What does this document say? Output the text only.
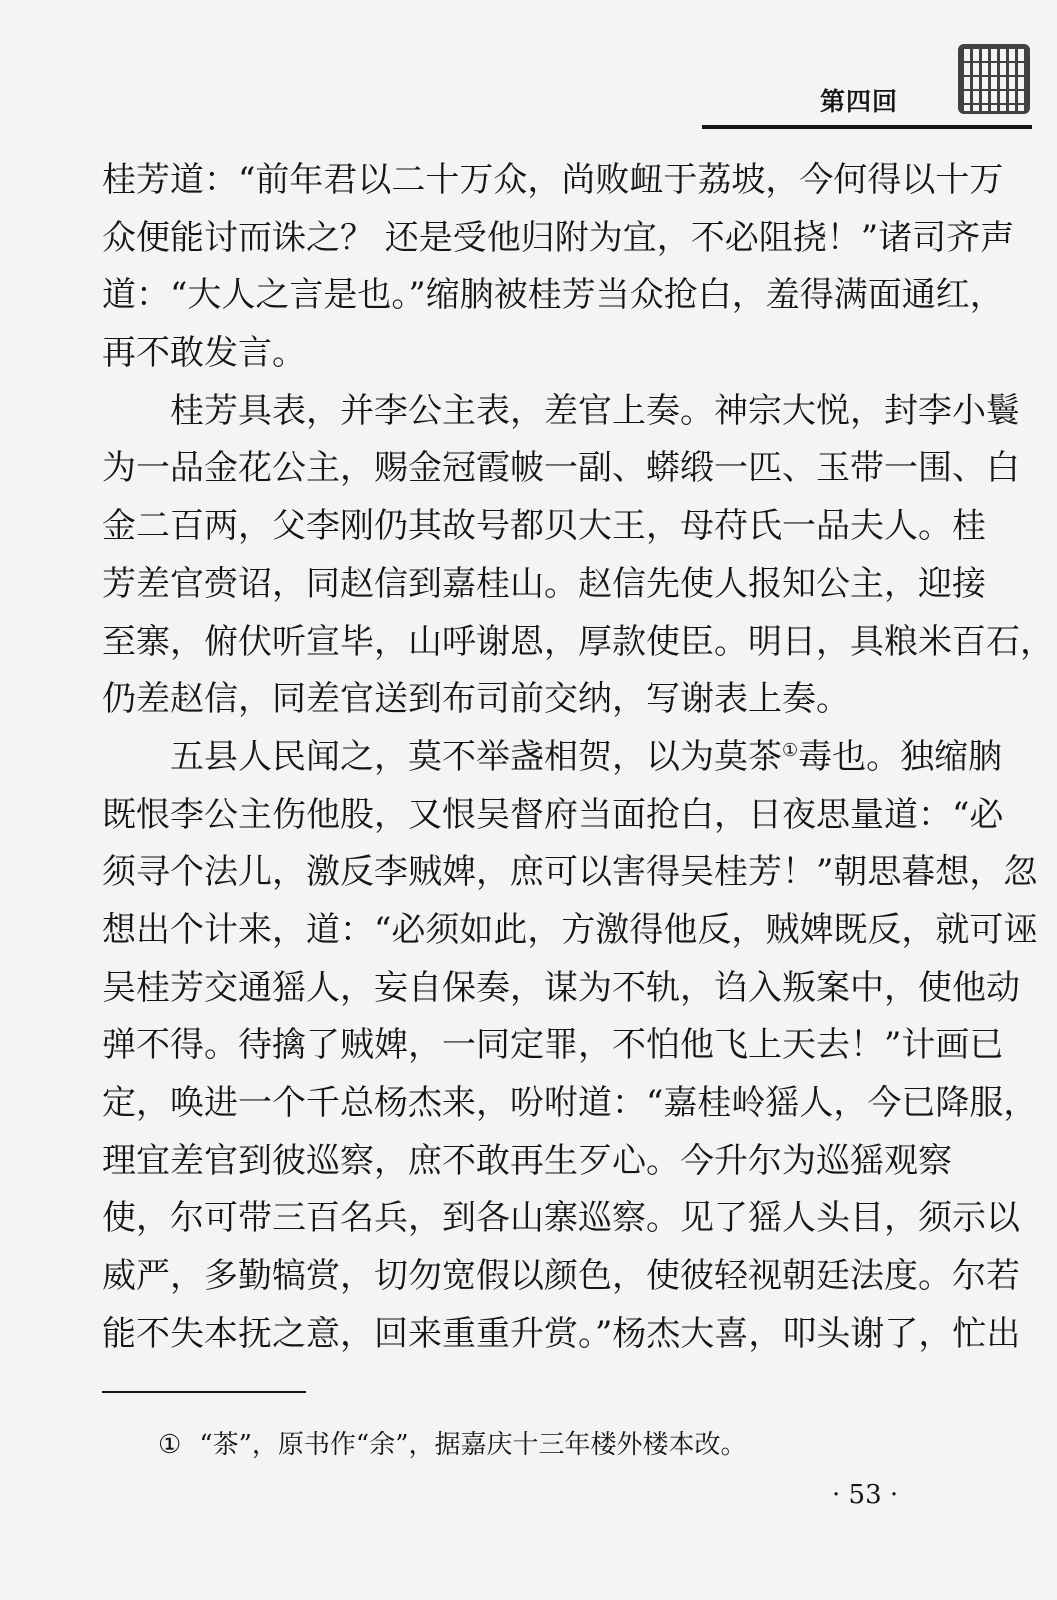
第四回
桂芳道：“前年君以二十万众，尚败衄于荔坡，今何得以十万
众便能讨而诛之？ 还是受他归附为宜，不必阻挠！”诸司齐声
道：“大人之言是也。”缩朒被桂芳当众抢白，羞得满面通红，
再不敢发言。
桂芳具表，并李公主表，差官上奏。神宗大悦，封李小鬟
为一品金花公主，赐金冠霞帔一副、蟒缎一匹、玉带一围、白
金二百两，父李刚仍其故号都贝大王，母苻氏一品夫人。桂
芳差官赍诏，同赵信到嘉桂山。赵信先使人报知公主，迎接
至寨，俯伏听宣毕，山呼谢恩，厚款使臣。明日，具粮米百石，
仍差赵信，同差官送到布司前交纳，写谢表上奏。
五县人民闻之，莫不举盏相贺，以为莫茶①毒也。独缩朒
既恨李公主伤他股，又恨吴督府当面抢白，日夜思量道：“必
须寻个法儿，激反李贼婢，庶可以害得吴桂芳！”朝思暮想，忽
想出个计来，道：“必须如此，方激得他反，贼婢既反，就可诬
吴桂芳交通猺人，妄自保奏，谋为不轨，诌入叛案中，使他动
弹不得。待擒了贼婢，一同定罪，不怕他飞上天去！”计画已
定，唤进一个千总杨杰来，吩咐道：“嘉桂岭猺人，今已降服，
理宜差官到彼巡察，庶不敢再生歹心。今升尔为巡猺观察
使，尔可带三百名兵，到各山寨巡察。见了猺人头目，须示以
威严，多勤犒赏，切勿宽假以颜色，使彼轻视朝廷法度。尔若
能不失本抚之意，回来重重升赏。”杨杰大喜，叩头谢了，忙出
① “茶”，原书作“余”，据嘉庆十三年楼外楼本改。
· 53 ·
